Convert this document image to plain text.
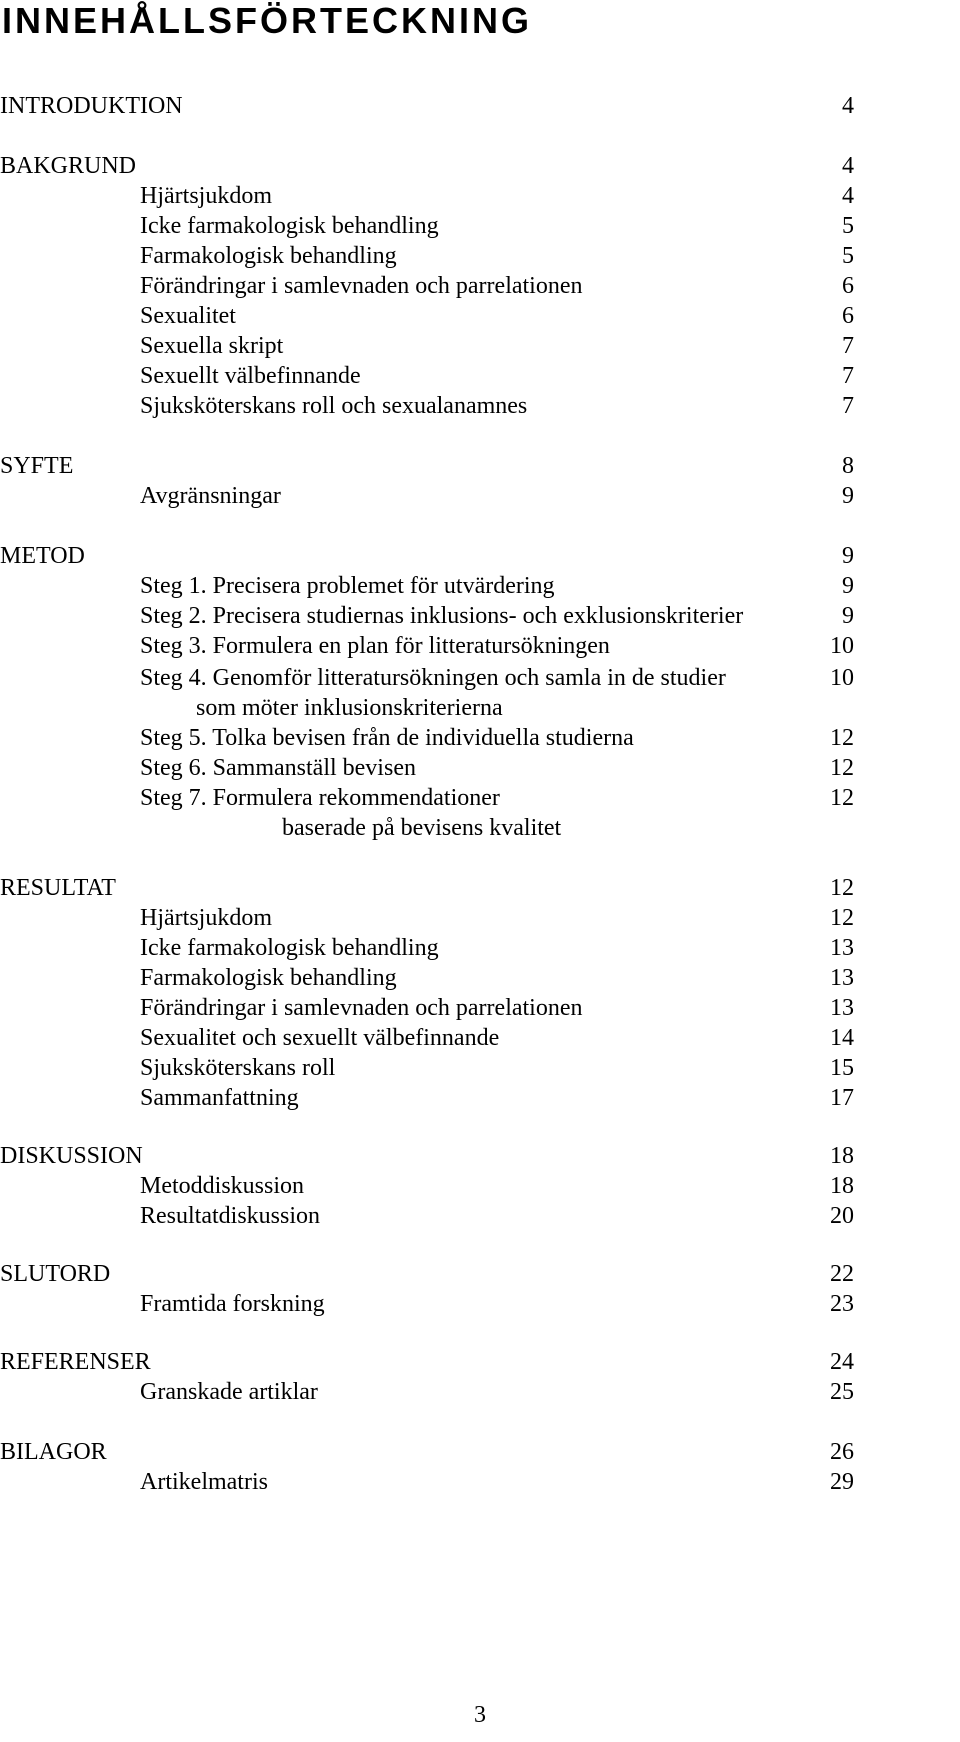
INNEHÅLLSFÖRTECKNING
INTRODUKTION	4
BAKGRUND	4
Hjärtsjukdom	4
Icke farmakologisk behandling	5
Farmakologisk behandling	5
Förändringar i samlevnaden och parrelationen	6
Sexualitet	6
Sexuella skript	7
Sexuellt välbefinnande	7
Sjuksköterskans roll och sexualanamnes	7
SYFTE	8
Avgränsningar	9
METOD	9
Steg 1. Precisera problemet för utvärdering	9
Steg 2. Precisera studiernas inklusions- och exklusionskriterier	9
Steg 3. Formulera en plan för litteratursökningen	10
Steg 4. Genomför litteratursökningen och samla in de studier	10
som möter inklusionskriterierna
Steg 5. Tolka bevisen från de individuella studierna	12
Steg 6. Sammanställ bevisen	12
Steg 7. Formulera rekommendationer	12
baserade på bevisens kvalitet
RESULTAT	12
Hjärtsjukdom	12
Icke farmakologisk behandling	13
Farmakologisk behandling	13
Förändringar i samlevnaden och parrelationen	13
Sexualitet och sexuellt välbefinnande	14
Sjuksköterskans roll	15
Sammanfattning	17
DISKUSSION	18
Metoddiskussion	18
Resultatdiskussion	20
SLUTORD	22
Framtida forskning	23
REFERENSER	24
Granskade artiklar	25
BILAGOR	26
Artikelmatris	29
3
